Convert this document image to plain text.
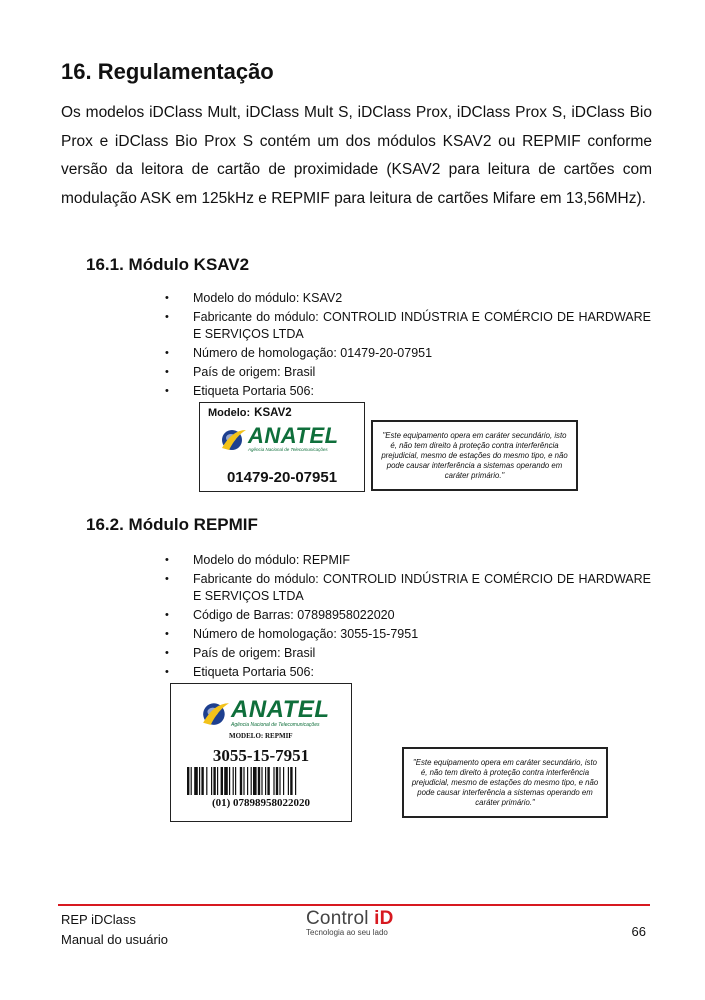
16. Regulamentação

Os modelos iDClass Mult, iDClass Mult S, iDClass Prox, iDClass Prox S, iDClass Bio Prox e iDClass Bio Prox S contém um dos módulos KSAV2 ou REPMIF conforme versão da leitora de cartão de proximidade (KSAV2 para leitura de cartões com modulação ASK em 125kHz e REPMIF para leitura de cartões Mifare em 13,56MHz).

16.1. Módulo KSAV2
• Modelo do módulo: KSAV2
• Fabricante do módulo: CONTROLID INDÚSTRIA E COMÉRCIO DE HARDWARE E SERVIÇOS LTDA
• Número de homologação: 01479-20-07951
• País de origem: Brasil
• Etiqueta Portaria 506:
Modelo: KSAV2
ANATEL
Agência Nacional de Telecomunicações
01479-20-07951
"Este equipamento opera em caráter secundário, isto é, não tem direito à proteção contra interferência prejudicial, mesmo de estações do mesmo tipo, e não pode causar interferência a sistemas operando em caráter primário."
16.2. Módulo REPMIF
• Modelo do módulo: REPMIF
• Fabricante do módulo: CONTROLID INDÚSTRIA E COMÉRCIO DE HARDWARE E SERVIÇOS LTDA
• Código de Barras: 07898958022020
• Número de homologação: 3055-15-7951
• País de origem: Brasil
• Etiqueta Portaria 506:
ANATEL
Agência Nacional de Telecomunicações
MODELO: REPMIF
3055-15-7951
(01) 07898958022020
"Este equipamento opera em caráter secundário, isto é, não tem direito à proteção contra interferência prejudicial, mesmo de estações do mesmo tipo, e não pode causar interferência a sistemas operando em caráter primário."
REP iDClass
Manual do usuário
Control iD
Tecnologia ao seu lado	66
